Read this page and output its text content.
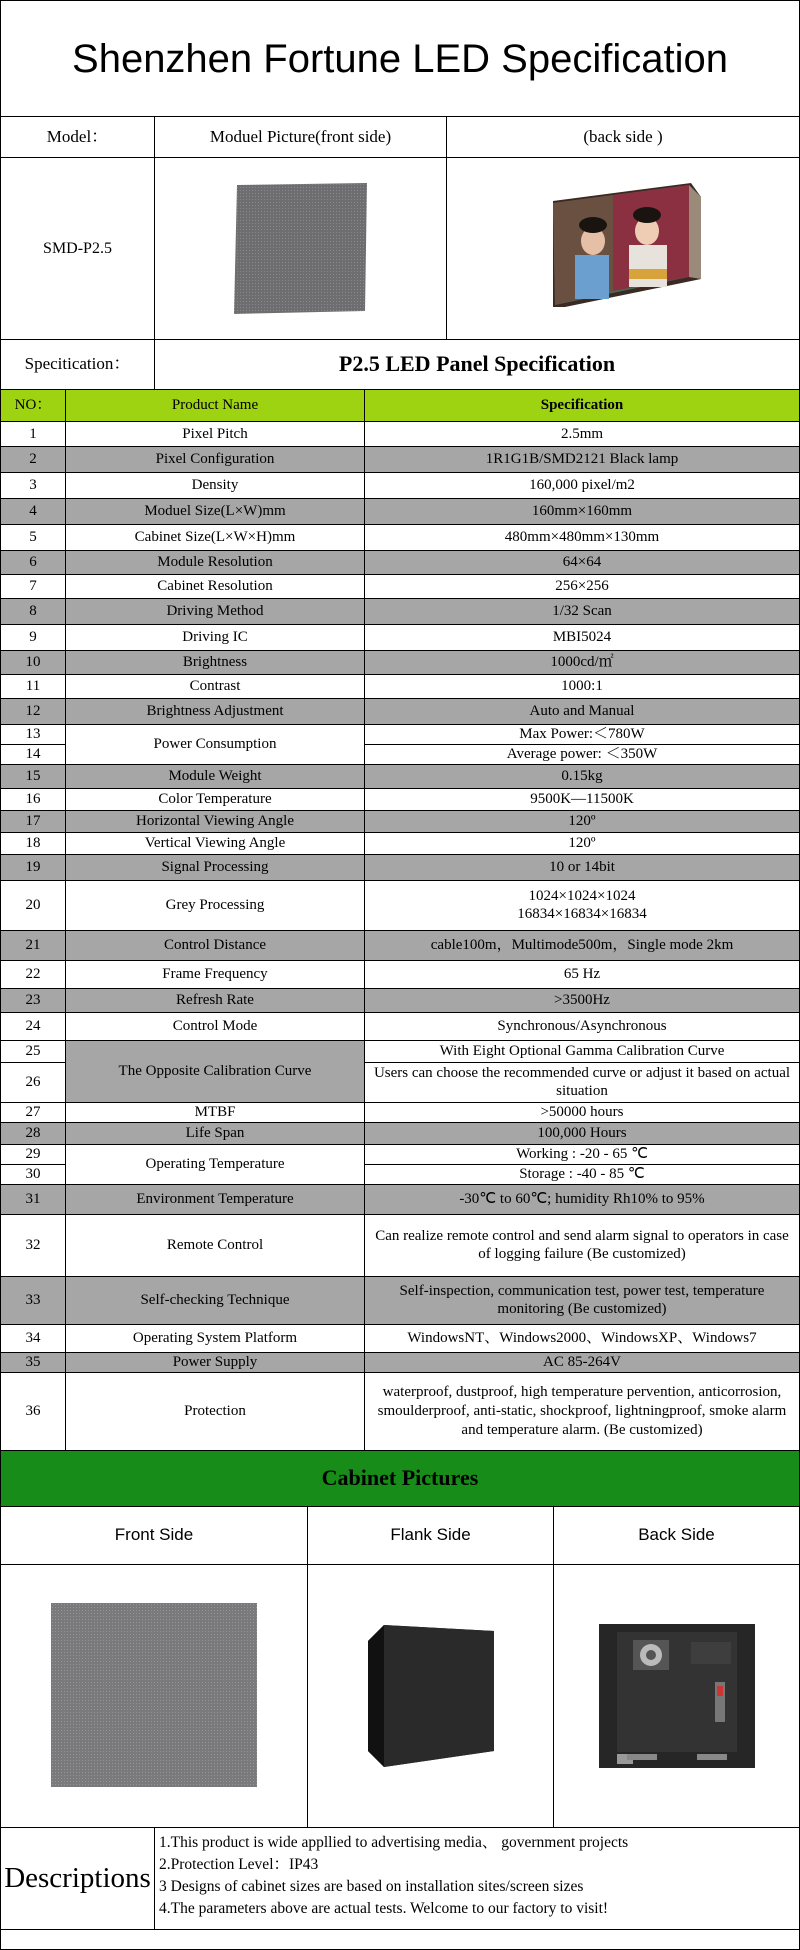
Shenzhen Fortune LED Specification
Model：	Moduel Picture(front side)	(back side )
SMD-P2.5
Specitication：	P2.5 LED Panel Specification
NO：	Product Name	Specification
1	Pixel Pitch	2.5mm
2	Pixel Configuration	1R1G1B/SMD2121 Black lamp
3	Density	160,000 pixel/m2
4	Moduel Size(L×W)mm	160mm×160mm
5	Cabinet Size(L×W×H)mm	480mm×480mm×130mm
6	Module Resolution	64×64
7	Cabinet Resolution	256×256
8	Driving Method	1/32 Scan
9	Driving IC	MBI5024
10	Brightness	1000cd/㎡
11	Contrast	1000:1
12	Brightness Adjustment	Auto and Manual
13	Power Consumption	Max Power:＜780W
14		Average power: ＜350W
15	Module Weight	0.15kg
16	Color Temperature	9500K—11500K
17	Horizontal Viewing Angle	120º
18	Vertical Viewing Angle	120º
19	Signal Processing	10 or 14bit
20	Grey Processing	1024×1024×1024
16834×16834×16834
21	Control Distance	cable100m，Multimode500m，Single mode 2km
22	Frame Frequency	65 Hz
23	Refresh Rate	>3500Hz
24	Control Mode	Synchronous/Asynchronous
25	The Opposite Calibration Curve	With Eight Optional Gamma Calibration Curve
26		Users can choose the recommended curve or adjust it based on actual situation
27	MTBF	>50000 hours
28	Life Span	100,000 Hours
29	Operating Temperature	Working : -20 - 65 ℃
30		Storage : -40 - 85 ℃
31	Environment Temperature	-30℃ to 60℃; humidity Rh10% to 95%
32	Remote Control	Can realize remote control and send alarm signal to operators in case of logging failure (Be customized)
33	Self-checking Technique	Self-inspection, communication test, power test, temperature monitoring (Be customized)
34	Operating System Platform	WindowsNT、Windows2000、WindowsXP、Windows7
35	Power Supply	AC 85-264V
36	Protection	waterproof, dustproof, high temperature pervention, anticorrosion, smoulderproof, anti-static, shockproof, lightningproof, smoke alarm and temperature alarm. (Be customized)
Cabinet Pictures
Front Side	Flank Side	Back Side
Descriptions
1.This product is wide appllied to advertising media、 government projects
2.Protection Level：IP43
3 Designs of cabinet sizes are based on installation sites/screen sizes
4.The parameters above are actual tests. Welcome to our factory to visit!
